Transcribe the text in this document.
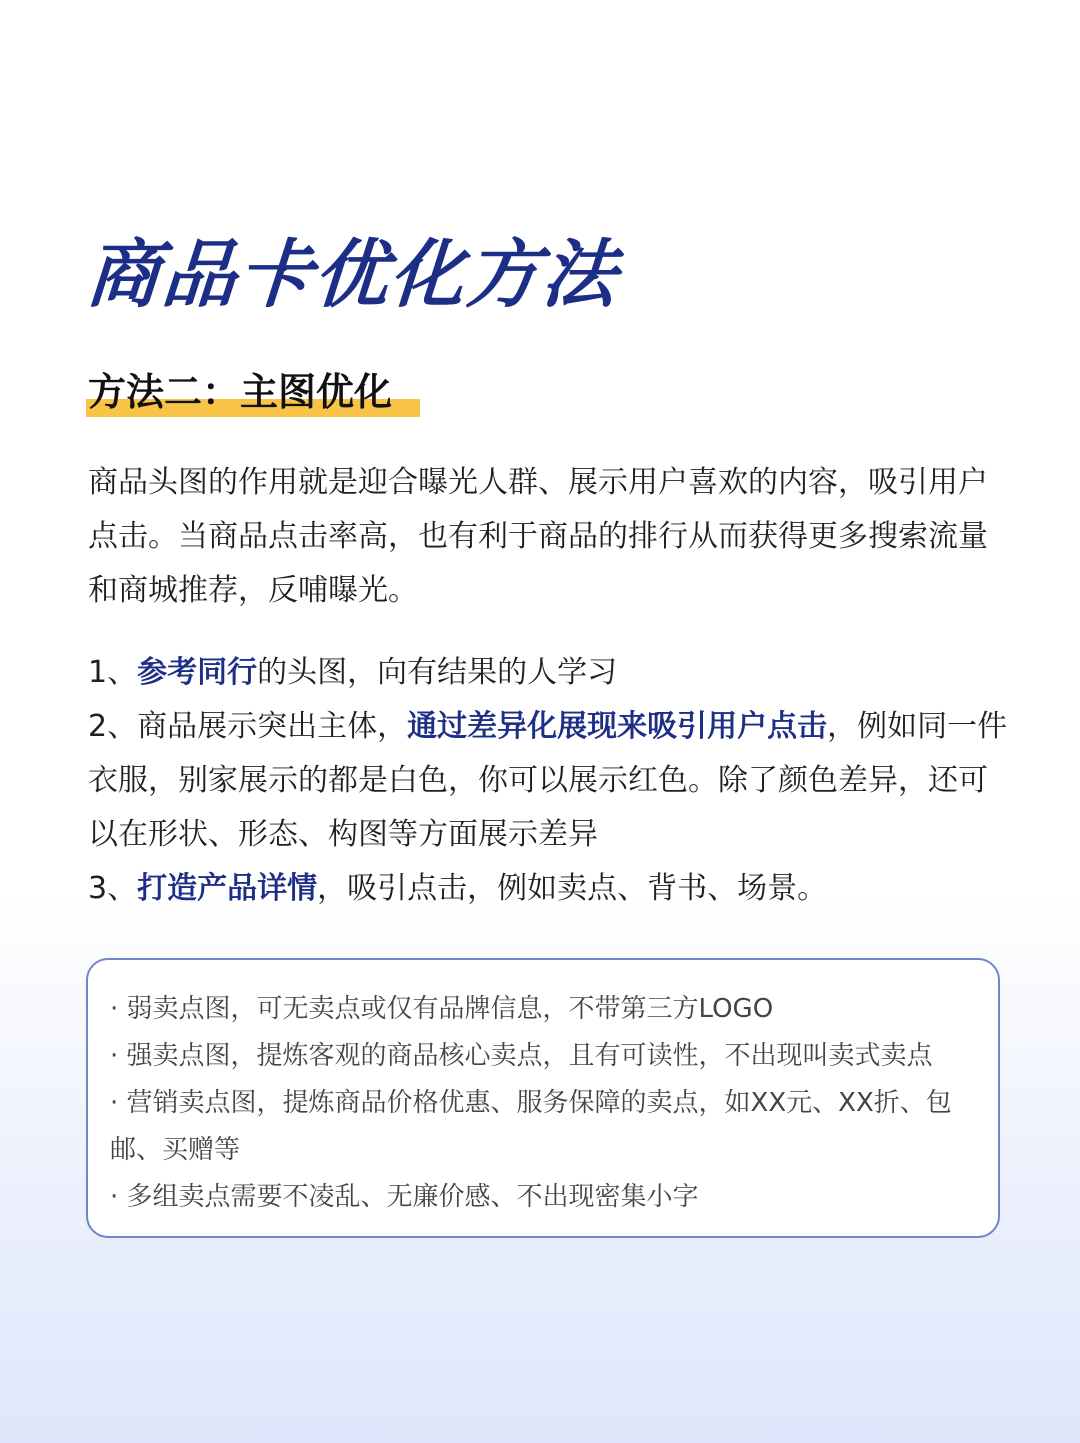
商品卡优化方法
方法二：主图优化

商品头图的作用就是迎合曝光人群、展示用户喜欢的内容，吸引用户点击。当商品点击率高，也有利于商品的排行从而获得更多搜索流量和商城推荐，反哺曝光。

1、参考同行的头图，向有结果的人学习
2、商品展示突出主体，通过差异化展现来吸引用户点击，例如同一件衣服，别家展示的都是白色，你可以展示红色。除了颜色差异，还可以在形状、形态、构图等方面展示差异
3、打造产品详情，吸引点击，例如卖点、背书、场景。
· 弱卖点图，可无卖点或仅有品牌信息，不带第三方LOGO
· 强卖点图，提炼客观的商品核心卖点，且有可读性，不出现叫卖式卖点
· 营销卖点图，提炼商品价格优惠、服务保障的卖点，如XX元、XX折、包邮、买赠等
· 多组卖点需要不凌乱、无廉价感、不出现密集小字
